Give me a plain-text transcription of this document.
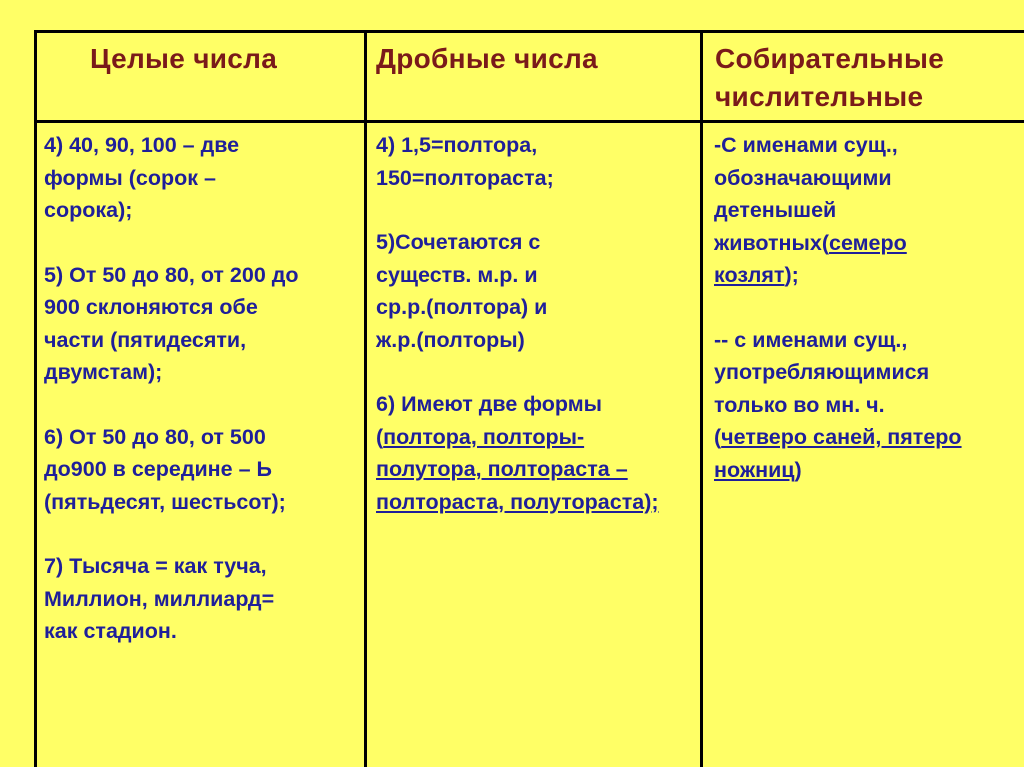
Целые числа	Дробные числа	Собирательные
числительные
4) 40, 90, 100 – две
формы (сорок –
сорока);
5) От 50 до 80, от 200 до
900 склоняются обе
части (пятидесяти,
двумстам);
6) От 50 до 80, от 500
до900 в середине – Ь
(пятьдесят, шестьсот);
7) Тысяча = как туча,
Миллион, миллиард=
как стадион.
4) 1,5=полтора,
150=полтораста;
5)Сочетаются с
существ. м.р. и
ср.р.(полтора) и
ж.р.(полторы)
6) Имеют две формы
(полтора, полторы-
полутора, полтораста –
полтораста, полутораста);
-С именами сущ.,
обозначающими
детенышей
животных(семеро
козлят);
-- с именами сущ.,
употребляющимися
только во мн. ч.
(четверо саней, пятеро
ножниц)
